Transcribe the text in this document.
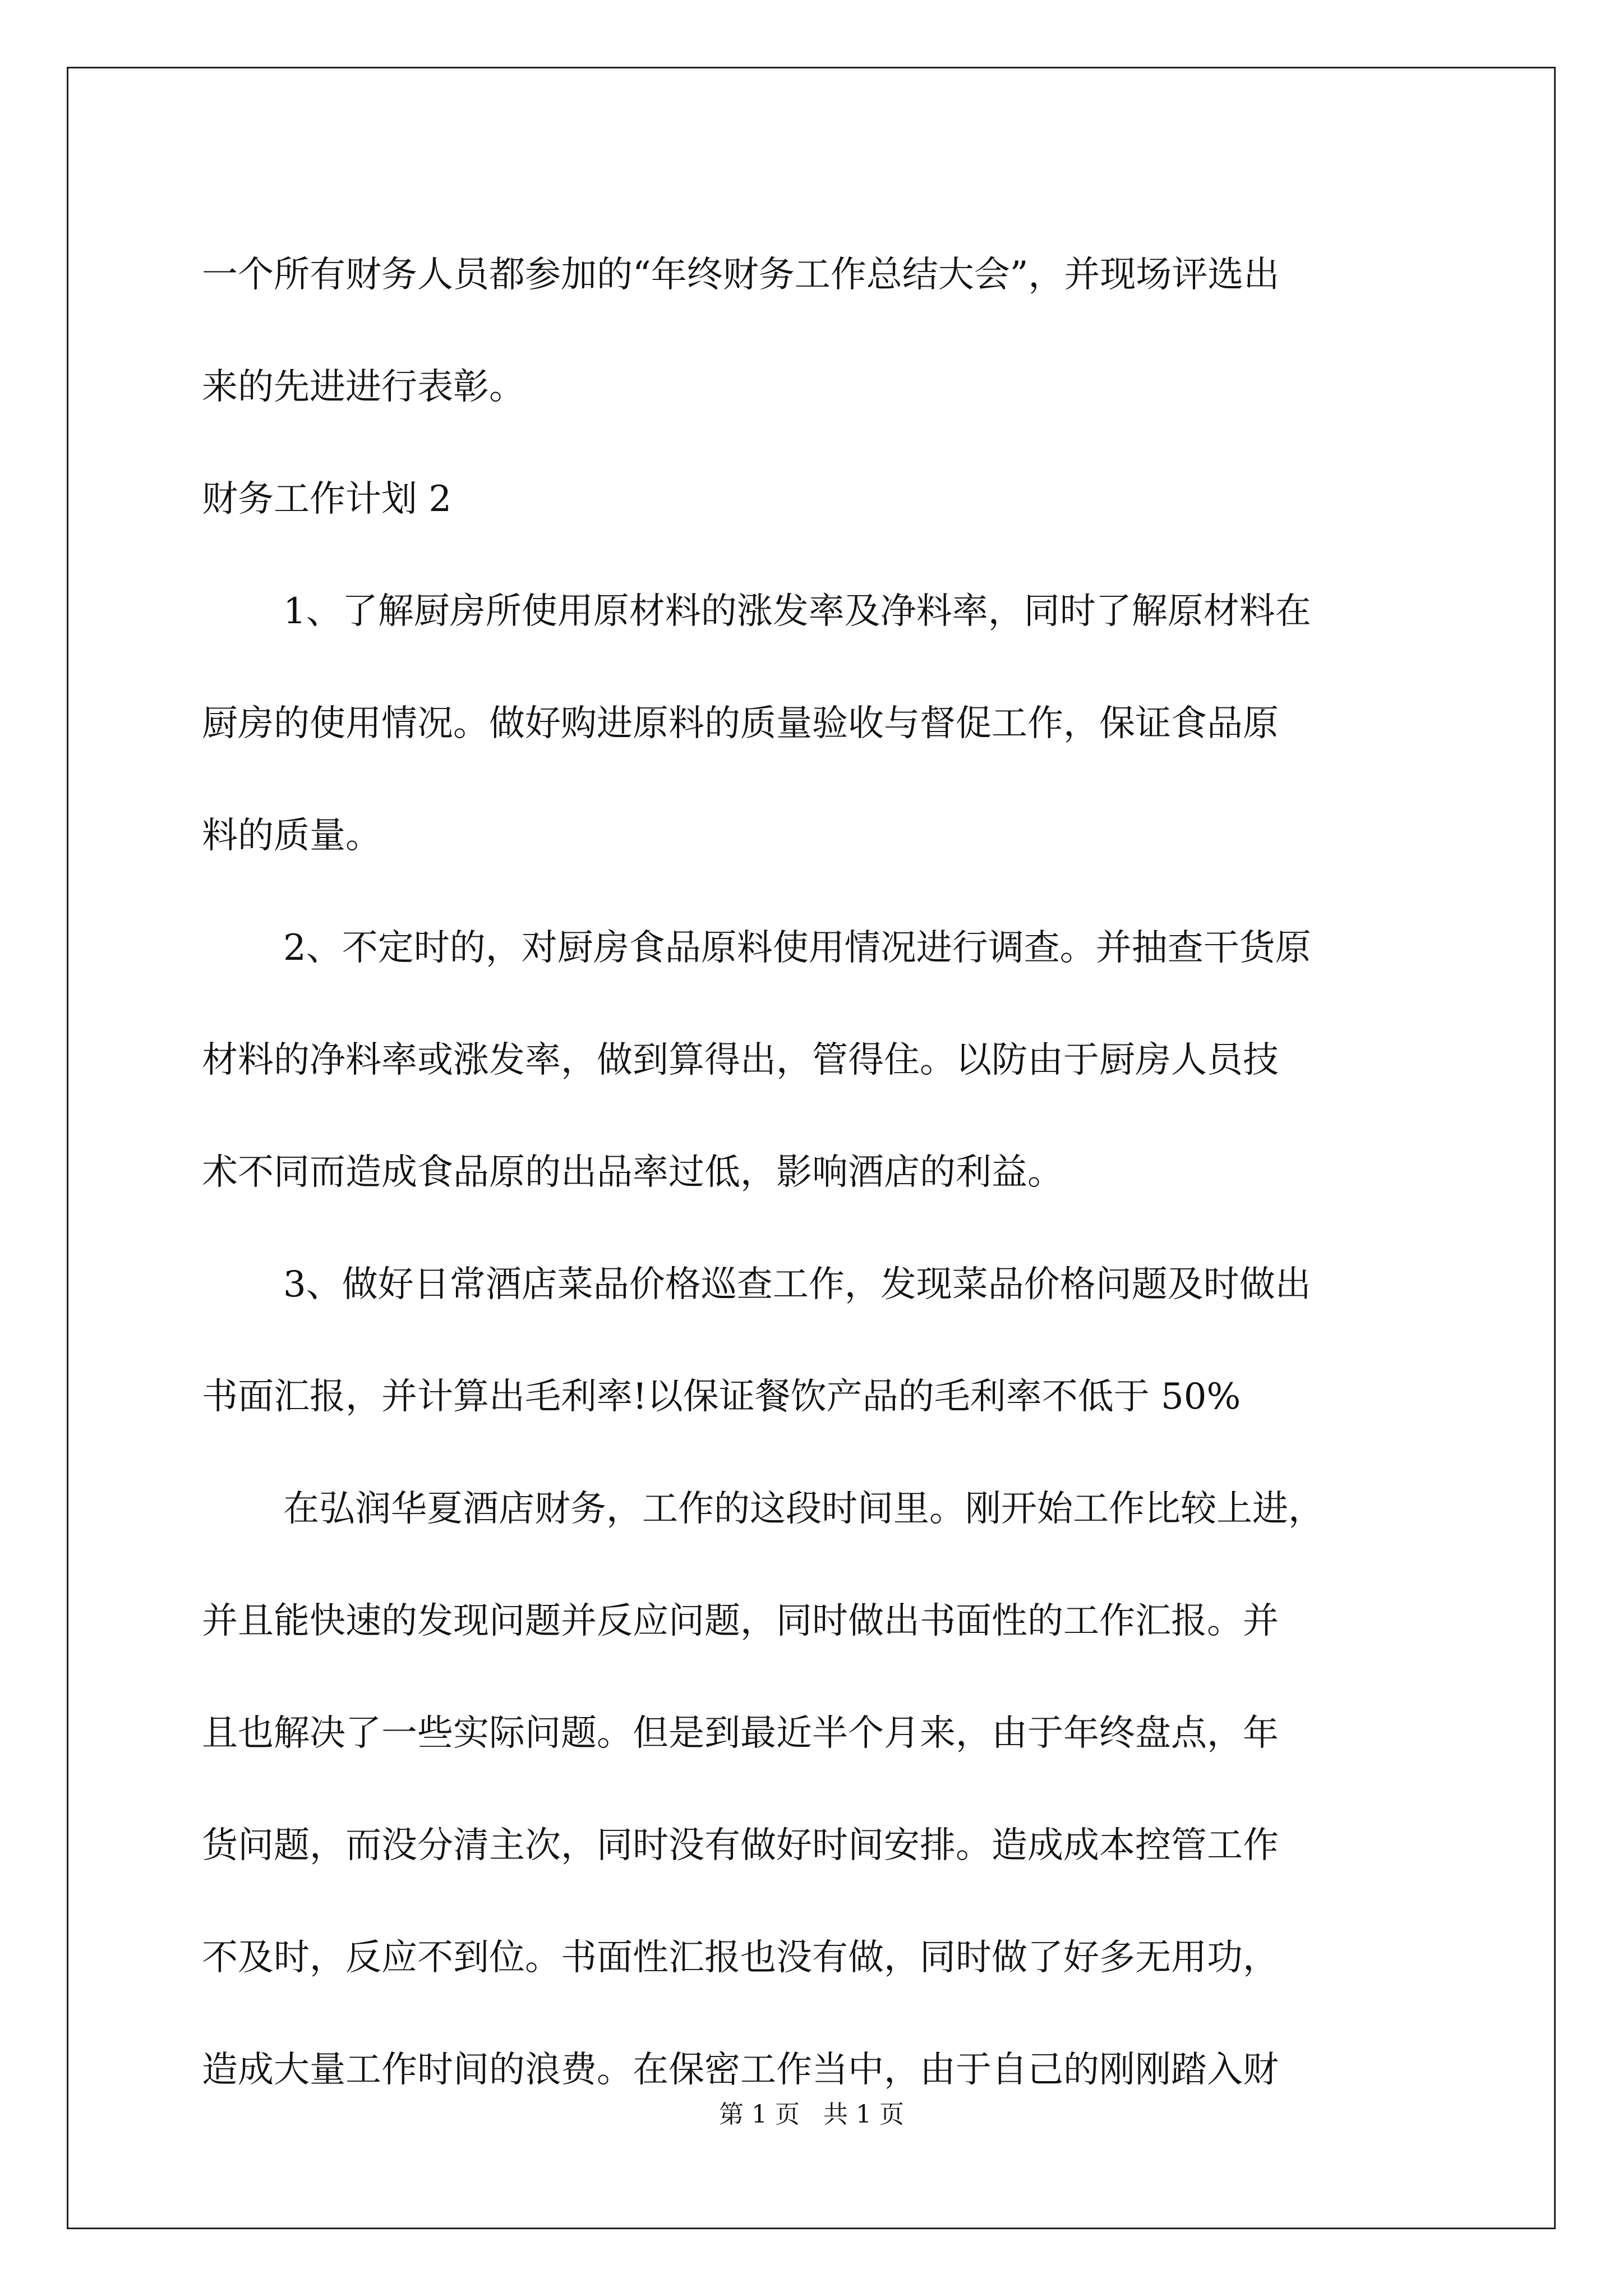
一个所有财务人员都参加的“年终财务工作总结大会”，并现场评选出
来的先进进行表彰。
财务工作计划 2
1、了解厨房所使用原材料的涨发率及净料率，同时了解原材料在
厨房的使用情况。做好购进原料的质量验收与督促工作，保证食品原
料的质量。
2、不定时的，对厨房食品原料使用情况进行调查。并抽查干货原
材料的净料率或涨发率，做到算得出，管得住。以防由于厨房人员技
术不同而造成食品原的出品率过低，影响酒店的利益。
3、做好日常酒店菜品价格巡查工作，发现菜品价格问题及时做出
书面汇报，并计算出毛利率!以保证餐饮产品的毛利率不低于 50%
在弘润华夏酒店财务，工作的这段时间里。刚开始工作比较上进，
并且能快速的发现问题并反应问题，同时做出书面性的工作汇报。并
且也解决了一些实际问题。但是到最近半个月来，由于年终盘点，年
货问题，而没分清主次，同时没有做好时间安排。造成成本控管工作
不及时，反应不到位。书面性汇报也没有做，同时做了好多无用功，
造成大量工作时间的浪费。在保密工作当中，由于自己的刚刚踏入财
第 1 页 共 1 页
